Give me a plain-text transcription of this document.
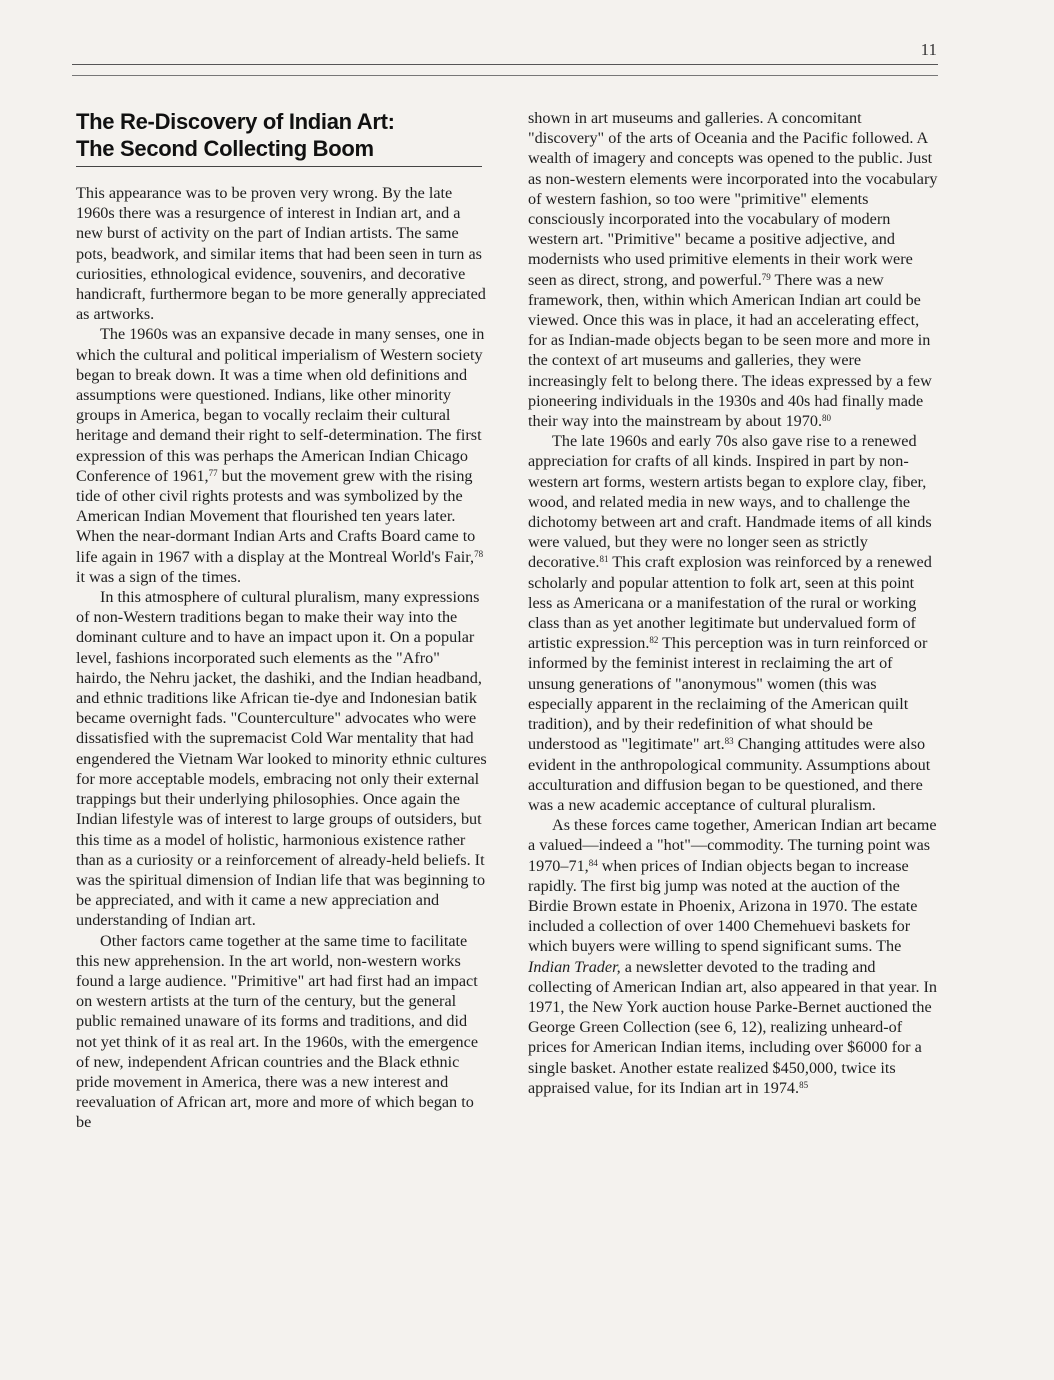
11
The Re-Discovery of Indian Art:
The Second Collecting Boom

This appearance was to be proven very wrong. By the late 1960s there was a resurgence of interest in Indian art, and a new burst of activity on the part of Indian artists. The same pots, beadwork, and similar items that had been seen in turn as curiosities, ethnological evidence, souvenirs, and decorative handicraft, furthermore began to be more generally appreciated as artworks.

The 1960s was an expansive decade in many senses, one in which the cultural and political imperialism of Western society began to break down. It was a time when old definitions and assumptions were questioned. Indians, like other minority groups in America, began to vocally reclaim their cultural heritage and demand their right to self-determination. The first expression of this was perhaps the American Indian Chicago Conference of 1961,77 but the movement grew with the rising tide of other civil rights protests and was symbolized by the American Indian Movement that flourished ten years later. When the near-dormant Indian Arts and Crafts Board came to life again in 1967 with a display at the Montreal World's Fair,$^{78}$ it was a sign of the times.

In this atmosphere of cultural pluralism, many expressions of non-Western traditions began to make their way into the dominant culture and to have an impact upon it. On a popular level, fashions incorporated such elements as the "Afro" hairdo, the Nehru jacket, the dashiki, and the Indian headband, and ethnic traditions like African tie-dye and Indonesian batik became overnight fads. "Counterculture" advocates who were dissatisfied with the supremacist Cold War mentality that had engendered the Vietnam War looked to minority ethnic cultures for more acceptable models, embracing not only their external trappings but their underlying philosophies. Once again the Indian lifestyle was of interest to large groups of outsiders, but this time as a model of holistic, harmonious existence rather than as a curiosity or a reinforcement of already-held beliefs. It was the spiritual dimension of Indian life that was beginning to be appreciated, and with it came a new appreciation and understanding of Indian art.

Other factors came together at the same time to facilitate this new apprehension. In the art world, non-western works found a large audience. "Primitive" art had first had an impact on western artists at the turn of the century, but the general public remained unaware of its forms and traditions, and did not yet think of it as real art. In the 1960s, with the emergence of new, independent African countries and the Black ethnic pride movement in America, there was a new interest and reevaluation of African art, more and more of which began to be

shown in art museums and galleries. A concomitant "discovery" of the arts of Oceania and the Pacific followed. A wealth of imagery and concepts was opened to the public. Just as non-western elements were incorporated into the vocabulary of western fashion, so too were "primitive" elements consciously incorporated into the vocabulary of modern western art. "Primitive" became a positive adjective, and modernists who used primitive elements in their work were seen as direct, strong, and powerful.$^{79}$ There was a new framework, then, within which American Indian art could be viewed. Once this was in place, it had an accelerating effect, for as Indian-made objects began to be seen more and more in the context of art museums and galleries, they were increasingly felt to belong there. The ideas expressed by a few pioneering individuals in the 1930s and 40s had finally made their way into the mainstream by about 1970.80

The late 1960s and early 70s also gave rise to a renewed appreciation for crafts of all kinds. Inspired in part by non-western art forms, western artists began to explore clay, fiber, wood, and related media in new ways, and to challenge the dichotomy between art and craft. Handmade items of all kinds were valued, but they were no longer seen as strictly decorative.$^{81}$ This craft explosion was reinforced by a renewed scholarly and popular attention to folk art, seen at this point less as Americana or a manifestation of the rural or working class than as yet another legitimate but undervalued form of artistic expression.$^{82}$ This perception was in turn reinforced or informed by the feminist interest in reclaiming the art of unsung generations of "anonymous" women (this was especially apparent in the reclaiming of the American quilt tradition), and by their redefinition of what should be understood as "legitimate" art.$^{83}$ Changing attitudes were also evident in the anthropological community. Assumptions about acculturation and diffusion began to be questioned, and there was a new academic acceptance of cultural pluralism.

As these forces came together, American Indian art became a valued—indeed a "hot"—commodity. The turning point was 1970–71,84 when prices of Indian objects began to increase rapidly. The first big jump was noted at the auction of the Birdie Brown estate in Phoenix, Arizona in 1970. The estate included a collection of over 1400 Chemehuevi baskets for which buyers were willing to spend significant sums. The Indian Trader, a newsletter devoted to the trading and collecting of American Indian art, also appeared in that year. In 1971, the New York auction house Parke-Bernet auctioned the George Green Collection (see 6, 12), realizing unheard-of prices for American Indian items, including over $6000 for a single basket. Another estate realized $450,000, twice its appraised value, for its Indian art in 1974.85
